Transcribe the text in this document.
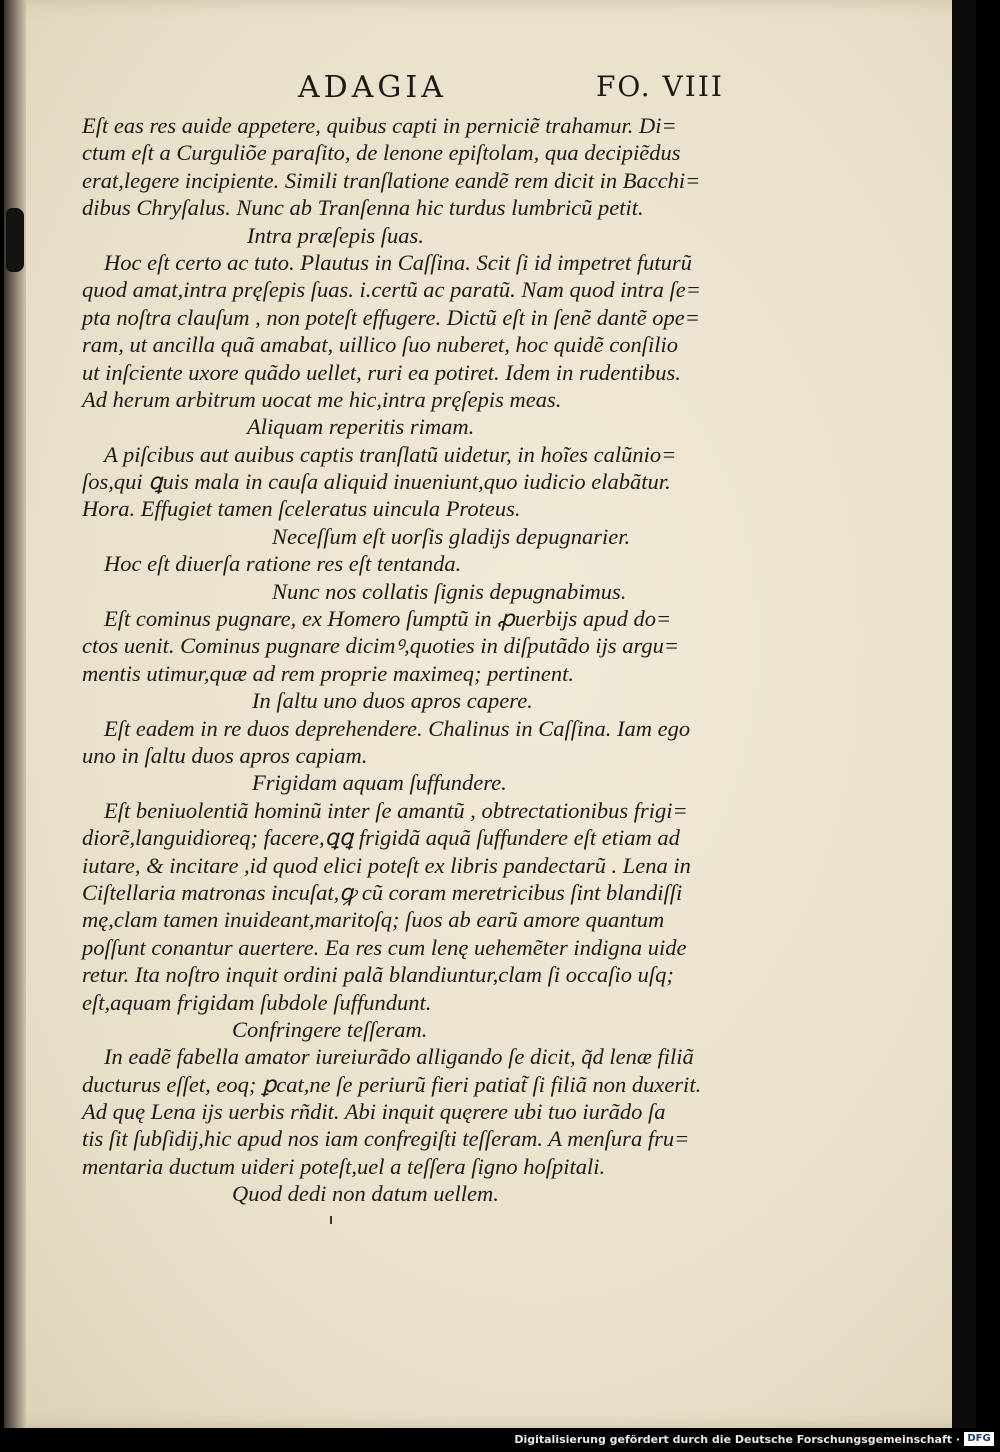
ADAGIA	FO. VIII
Eſt eas res auide appetere, quibus capti in perniciẽ trahamur. Di=
ctum eſt a Curguliõe paraſito, de lenone epiſtolam, qua decipiẽdus
erat,legere incipiente. Simili tranſlatione eandẽ rem dicit in Bacchi=
dibus Chryſalus. Nunc ab Tranſenna hic turdus lumbricũ petit.
Intra præſepis ſuas.
Hoc eſt certo ac tuto. Plautus in Caſſina. Scit ſi id impetret futurũ
quod amat,intra pręſepis ſuas. i.certũ ac paratũ. Nam quod intra ſe=
pta noſtra clauſum , non poteſt effugere. Dictũ eſt in ſenẽ dantẽ ope=
ram, ut ancilla quã amabat, uillico ſuo nuberet, hoc quidẽ conſilio
ut inſciente uxore quãdo uellet, ruri ea potiret. Idem in rudentibus.
Ad herum arbitrum uocat me hic,intra pręſepis meas.
Aliquam reperitis rimam.
A piſcibus aut auibus captis tranſlatũ uidetur, in hoĩes calũnio=
ſos,qui ꝗuis mala in cauſa aliquid inueniunt,quo iudicio elabãtur.
Hora. Effugiet tamen ſceleratus uincula Proteus.
Neceſſum eſt uorſis gladijs depugnarier.
Hoc eſt diuerſa ratione res eſt tentanda.
Nunc nos collatis ſignis depugnabimus.
Eſt cominus pugnare, ex Homero ſumptũ in ꝓuerbijs apud do=
ctos uenit. Cominus pugnare dicimꝰ,quoties in diſputãdo ijs argu=
mentis utimur,quæ ad rem proprie maximeq; pertinent.
In ſaltu uno duos apros capere.
Eſt eadem in re duos deprehendere. Chalinus in Caſſina. Iam ego
uno in ſaltu duos apros capiam.
Frigidam aquam ſuffundere.
Eſt beniuolentiã hominũ inter ſe amantũ , obtrectationibus frigi=
diorẽ,languidioreq; facere,ꝗꝗ frigidã aquã ſuffundere eſt etiam ad
iutare, & incitare ,id quod elici poteſt ex libris pandectarũ . Lena in
Ciſtellaria matronas incuſat,ꝙ cũ coram meretricibus ſint blandiſſi
mę,clam tamen inuideant,maritoſq; ſuos ab earũ amore quantum
poſſunt conantur auertere. Ea res cum lenę uehemẽter indigna uide
retur. Ita noſtro inquit ordini palã blandiuntur,clam ſi occaſio uſq;
eſt,aquam frigidam ſubdole ſuffundunt.
Confringere teſſeram.
In eadẽ fabella amator iureiurãdo alligando ſe dicit, q̃d lenæ filiã
ducturus eſſet, eoq; ꝑcat,ne ſe periurũ fieri patiat̃ ſi filiã non duxerit.
Ad quę Lena ijs uerbis rñdit. Abi inquit quęrere ubi tuo iurãdo ſa
tis ſit ſubſidij,hic apud nos iam confregiſti teſſeram. A menſura fru=
mentaria ductum uideri poteſt,uel a teſſera ſigno hoſpitali.
Quod dedi non datum uellem.
Digitalisierung gefördert durch die Deutsche Forschungsgemeinschaft · DFG
